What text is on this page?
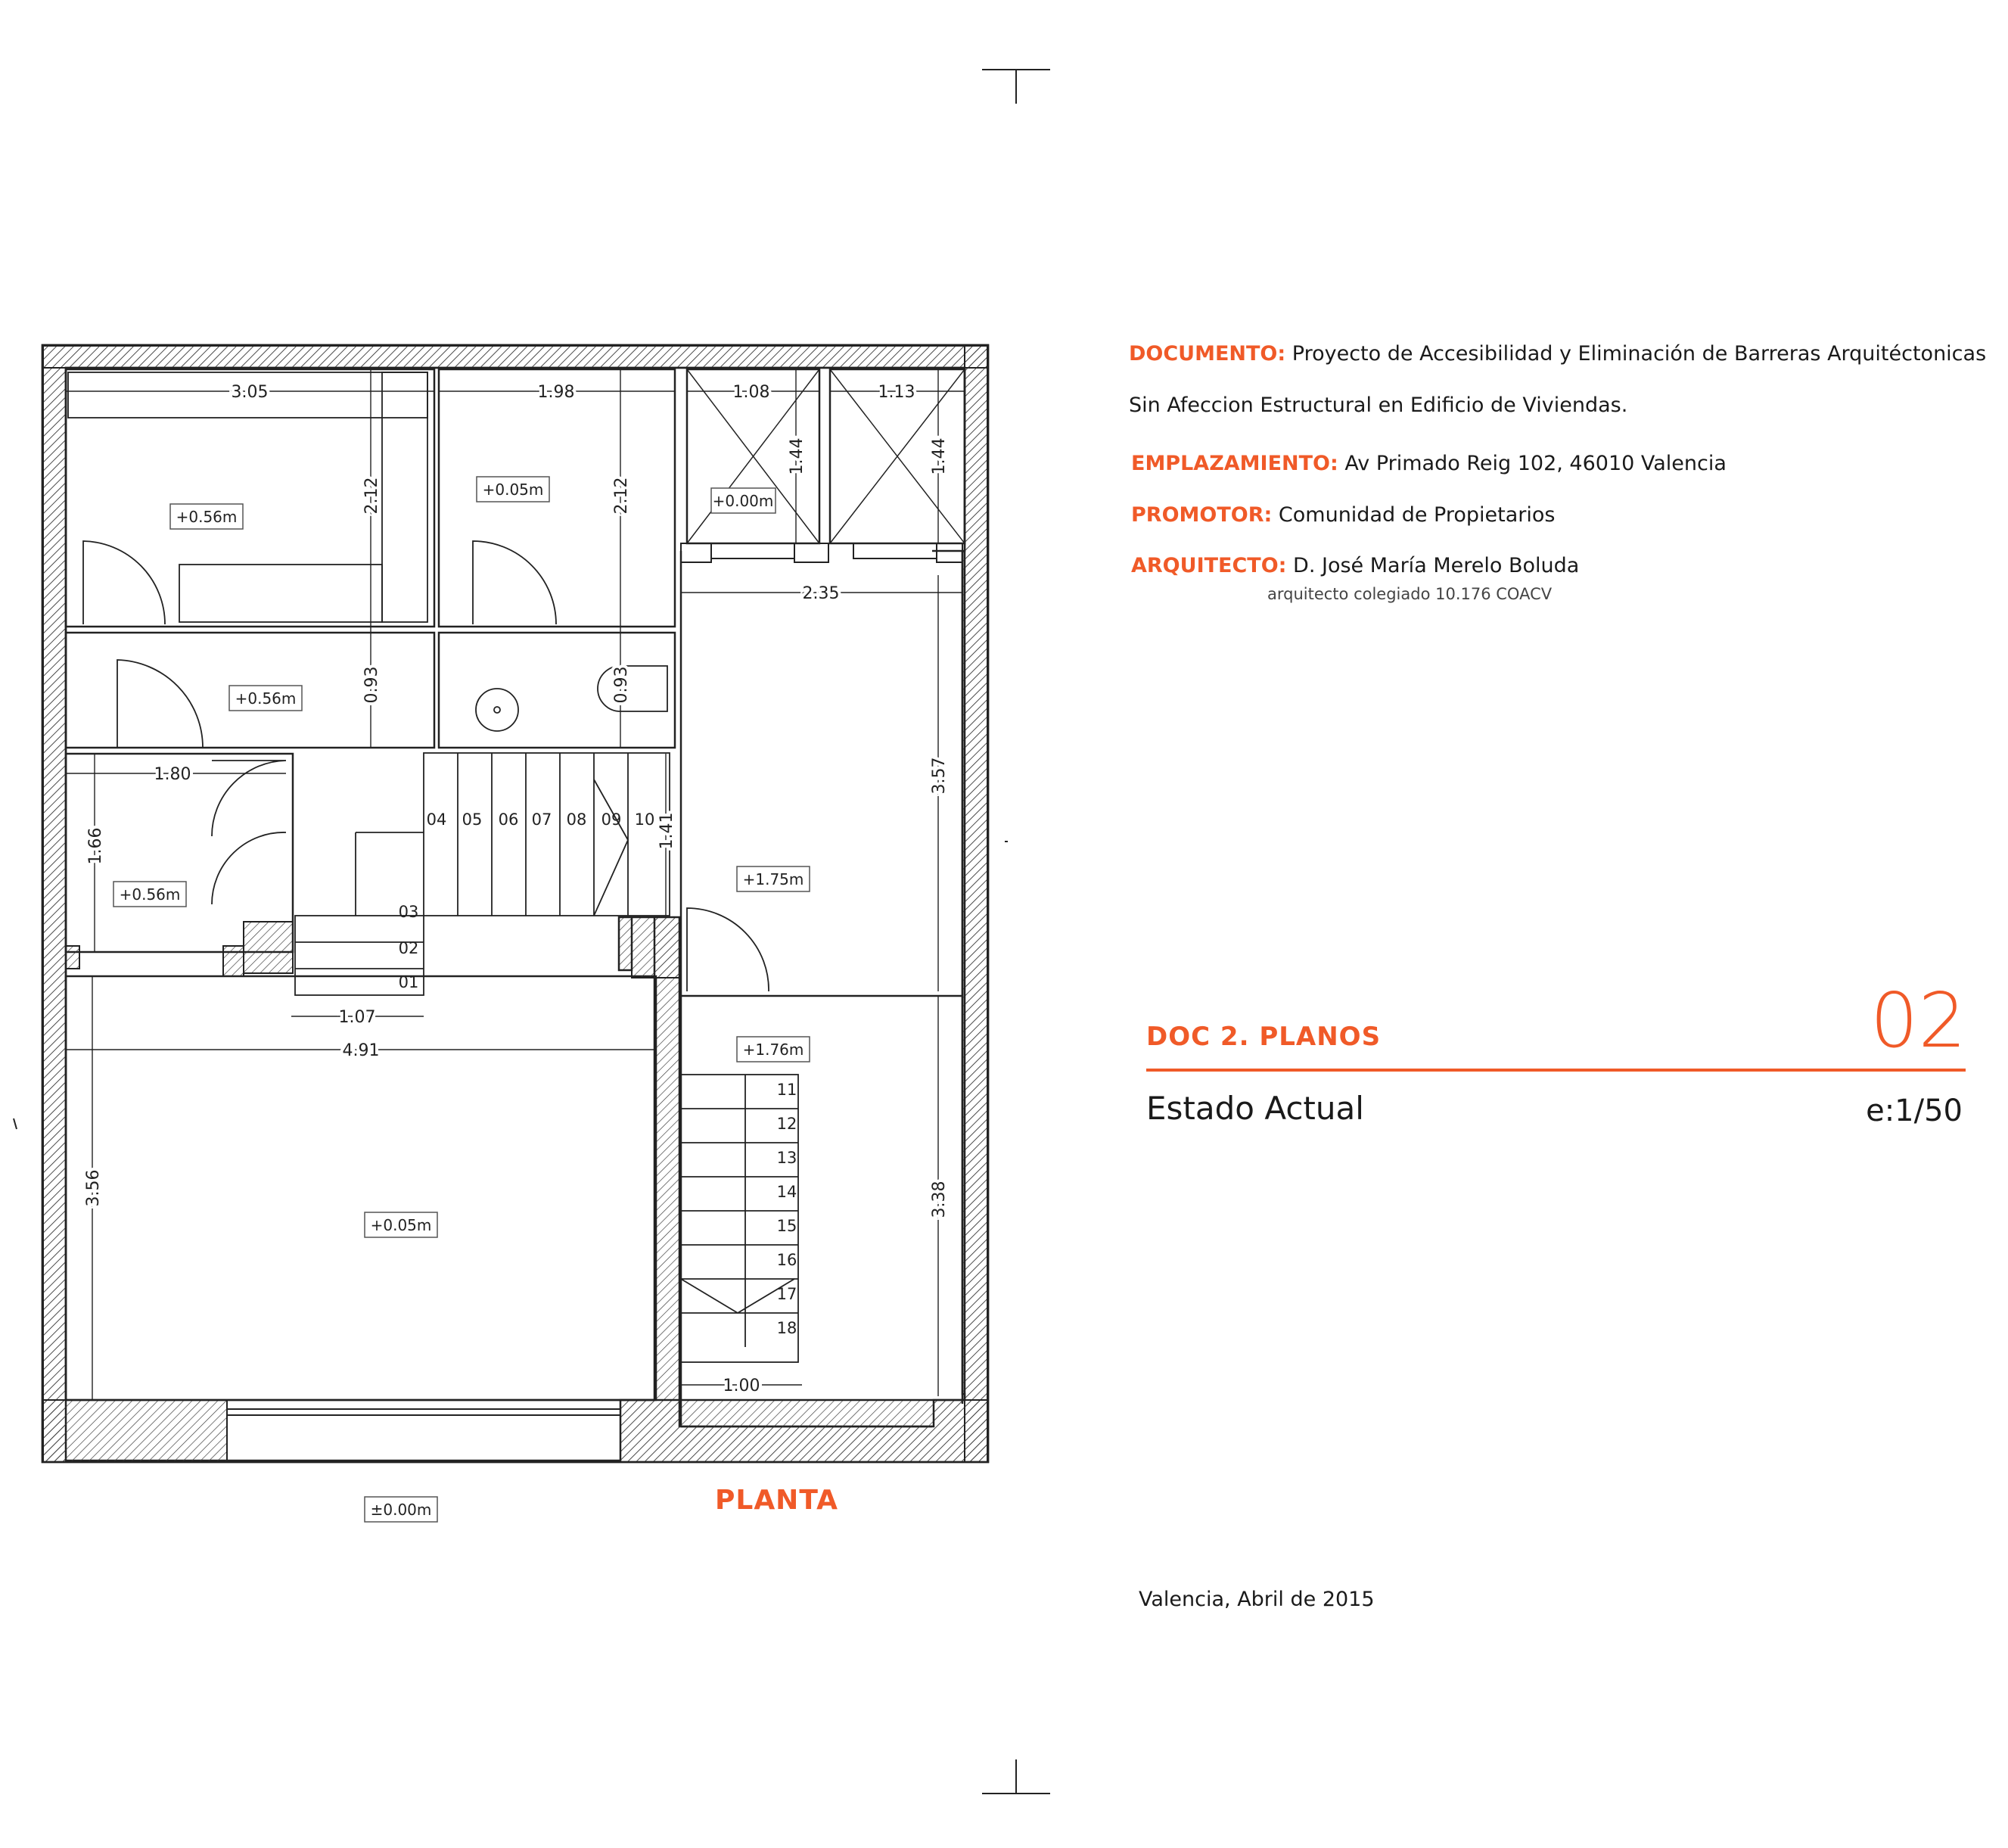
+0.56m
+0.05m
+0.00m
+0.56m
+0.56m
+1.75m
+1.76m
+0.05m
±0.00m
3.05	1.98	1.08	1.13
1.44	1.44
2.12	2.12
2.35
0.93	0.93
1.80
1.66	1.41
3.57
1.07
4.91
3.56	3.38
1.00
04 05 06 07 08 09 10
03
02
01
11
12
13
14
15
16
17
18
PLANTA
DOCUMENTO: Proyecto de Accesibilidad y Eliminación de Barreras Arquitéctonicas
Sin Afeccion Estructural en Edificio de Viviendas.
EMPLAZAMIENTO: Av Primado Reig 102, 46010 Valencia
PROMOTOR: Comunidad de Propietarios
ARQUITECTO: D. José María Merelo Boluda
arquitecto colegiado 10.176 COACV
DOC 2. PLANOS	02
Estado Actual	e:1/50
Valencia, Abril de 2015
